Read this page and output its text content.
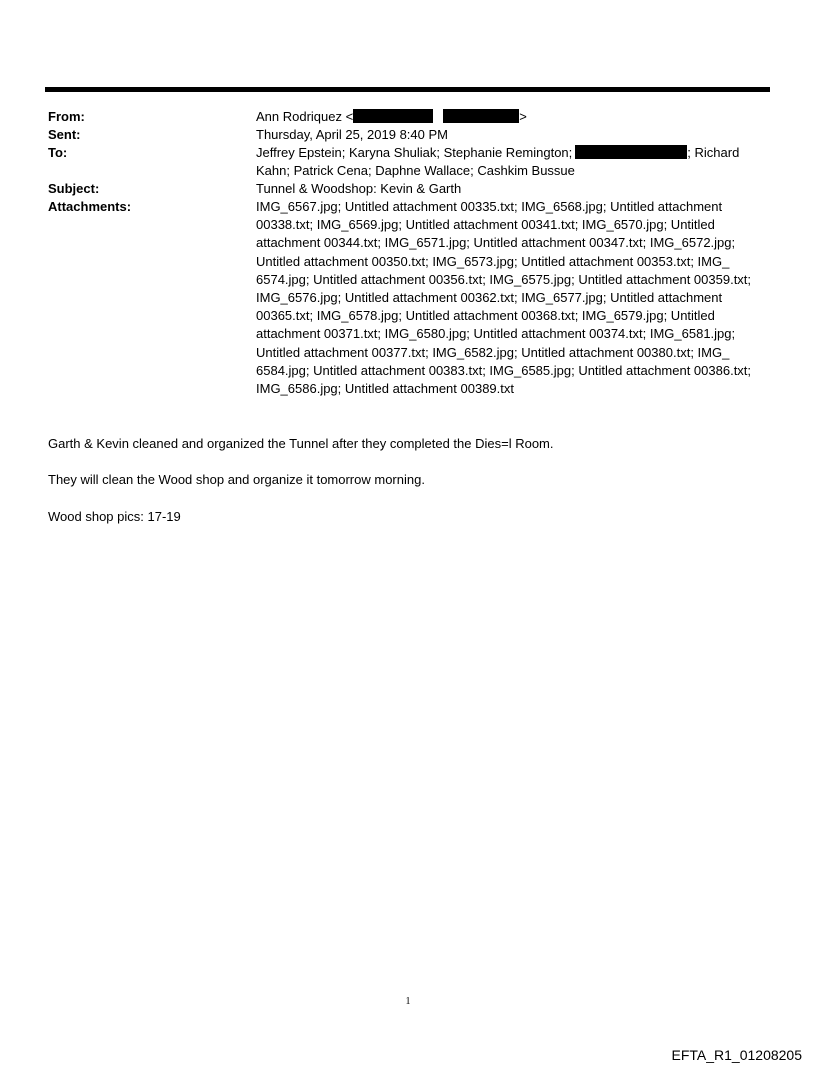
From:	Ann Rodriquez <	>
Sent:	Thursday, April 25, 2019 8:40 PM
To:	Jeffrey Epstein; Karyna Shuliak; Stephanie Remington;	; Richard Kahn; Patrick Cena; Daphne Wallace; Cashkim Bussue
Subject:	Tunnel & Woodshop: Kevin & Garth
Attachments:	IMG_6567.jpg; Untitled attachment 00335.txt; IMG_6568.jpg; Untitled attachment 00338.txt; IMG_6569.jpg; Untitled attachment 00341.txt; IMG_6570.jpg; Untitled attachment 00344.txt; IMG_6571.jpg; Untitled attachment 00347.txt; IMG_6572.jpg; Untitled attachment 00350.txt; IMG_6573.jpg; Untitled attachment 00353.txt; IMG_ 6574.jpg; Untitled attachment 00356.txt; IMG_6575.jpg; Untitled attachment 00359.txt; IMG_6576.jpg; Untitled attachment 00362.txt; IMG_6577.jpg; Untitled attachment 00365.txt; IMG_6578.jpg; Untitled attachment 00368.txt; IMG_6579.jpg; Untitled attachment 00371.txt; IMG_6580.jpg; Untitled attachment 00374.txt; IMG_6581.jpg; Untitled attachment 00377.txt; IMG_6582.jpg; Untitled attachment 00380.txt; IMG_ 6584.jpg; Untitled attachment 00383.txt; IMG_6585.jpg; Untitled attachment 00386.txt; IMG_6586.jpg; Untitled attachment 00389.txt
Garth & Kevin cleaned and organized the Tunnel after they completed the Dies=l Room.
They will clean the Wood shop and organize it tomorrow morning.
Wood shop pics: 17-19
1
EFTA_R1_01208205
